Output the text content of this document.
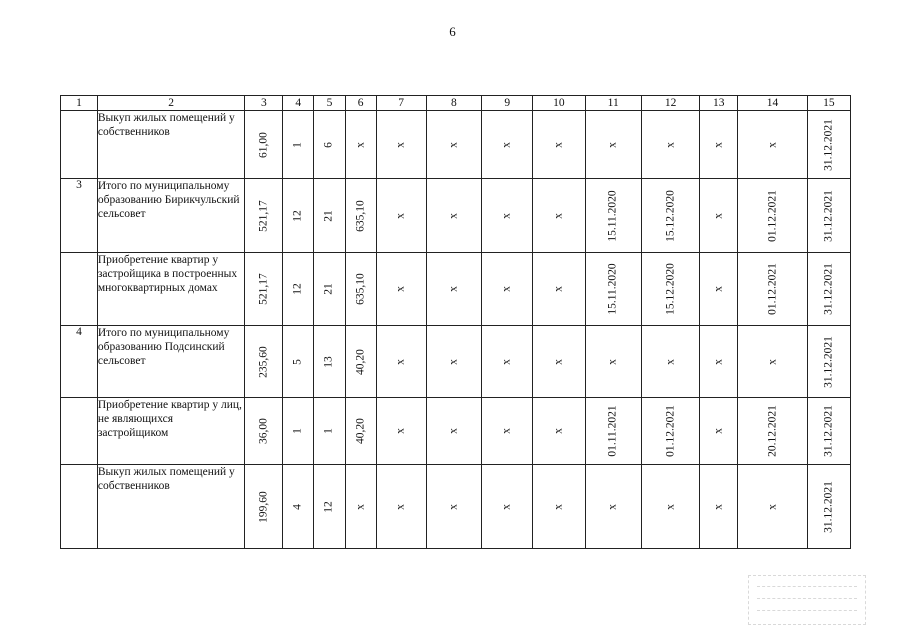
6
1	2	3	4	5	6	7	8	9	10	11	12	13	14	15
	Выкуп жилых помещений у собственников	61,00	1	6	x	x	x	x	x	x	x	x	x	31.12.2021

3	Итого по муниципальному образованию Бирикчульский сельсовет	521,17	12	21	635,10	x	x	x	x	15.11.2020	15.12.2020	x	01.12.2021	31.12.2021

	Приобретение квартир у застройщика в построенных многоквартирных домах	521,17	12	21	635,10	x	x	x	x	15.11.2020	15.12.2020	x	01.12.2021	31.12.2021

4	Итого по муниципальному образованию Подсинский сельсовет	235,60	5	13	40,20	x	x	x	x	x	x	x	x	31.12.2021

	Приобретение квартир у лиц, не являющихся застройщиком	36,00	1	1	40,20	x	x	x	x	01.11.2021	01.12.2021	x	20.12.2021	31.12.2021

	Выкуп жилых помещений у собственников	199,60	4	12	x	x	x	x	x	x	x	x	x	31.12.2021
